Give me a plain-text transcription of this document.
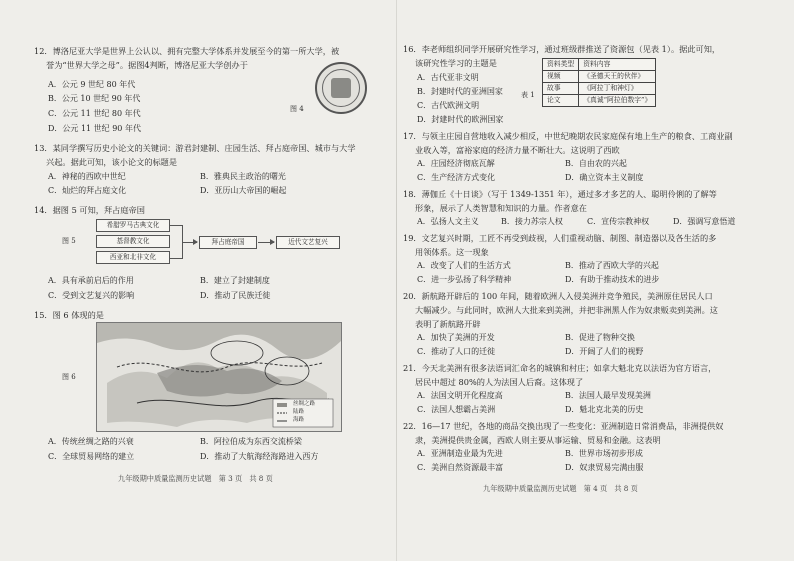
12．博洛尼亚大学是世界上公认以、拥有完整大学体系并发展至今的第一所大学，被
誉为“世界大学之母”。据图4判断，博洛尼亚大学创办于
图 4
A．公元 9 世纪 80 年代
B．公元 10 世纪 90 年代
C．公元 11 世纪 80 年代
D．公元 11 世纪 90 年代
13．某同学撰写历史小论文的关键词：游君封建制、庄园生活、拜占庭帝国、城市与大学
兴起。据此可知，该小论文的标题是
A．神秘的西欧中世纪	B．雅典民主政治的曙光
C．灿烂的拜占庭文化	D．亚历山大帝国的崛起
14．据图 5 可知，拜占庭帝国
图 5
希腊罗马古典文化
基督教文化
西亚和北非文化
拜占庭帝国	近代文艺复兴
A．具有承前启后的作用	B．建立了封建制度
C．受到文艺复兴的影响	D．推动了民族迁徙
15．图 6 体现的是
图 6
丝绸之路
陆路
海路
A．传统丝绸之路的兴衰	B．阿拉伯成为东西交流桥梁
C．全球贸易网络的建立	D．推动了大航海经海路进入西方
九年级期中质量监测历史试题　第 3 页　共 8 页
16．李老师组织同学开展研究性学习，通过班级群推送了资源包（见表 1）。据此可知，
该研究性学习的主题是
表 1
资料类型	资料内容
视频	《圣德天王的伙伴》
故事	《阿拉丁和神灯》
论文	《真诚“阿拉伯数字”》
A．古代亚非文明
B．封建时代的亚洲国家
C．古代欧洲文明
D．封建时代的欧洲国家
17．与领主庄园自营地收入减少相反，中世纪晚期农民家庭保有地上生产的粮食、工商业副
业收入等，富裕家庭的经济力量不断壮大。这说明了西欧
A．庄园经济彻底瓦解	B．自由农的兴起
C．生产经济方式变化	D．确立资本主义制度
18．薄伽丘《十日谈》（写于 1349-1351 年），通过多才多艺的人、聪明伶俐的了解等
形象，展示了人类智慧和知识的力量。作者意在
A．弘扬人文主义	B．接力苏宗人权	C．宣传宗教神权	D．强调写意悟道
19．文艺复兴时期，工匠不再受到歧视，人们重视动脑、制图、制造器以及各生活的多
用领体系。这一现象
A．改变了人们的生活方式	B．推动了西欧大学的兴起
C．进一步弘扬了科学精神	D．有助于推动技术的进步
20．新航路开辟后的 100 年间，随着欧洲人入侵美洲并竞争殖民，美洲原住居民人口
大幅减少。与此同时，欧洲人大批来到美洲，并把非洲黑人作为奴隶贩卖到美洲。这
表明了新航路开辟
A．加快了美洲的开发	B．促进了物种交换
C．推动了人口的迁徙	D．开阔了人们的视野
21．今天北美洲有很多法语词汇命名的城镇和村庄；如拿大魁北克以法语为官方语言，
居民中超过 80%的人为法国人后裔。这体现了
A．法国文明开化程度高	B．法国人最早发现美洲
C．法国人想霸占美洲	D．魁北克北美的历史
22．16—17 世纪，各地的商品交换出现了一些变化：亚洲制造日常消费品，非洲提供奴
隶，美洲提供贵金属，西欧人则主要从事运输、贸易和金融。这表明
A．亚洲制造业最为先进	B．世界市场初步形成
C．美洲自然资源最丰富	D．奴隶贸易完满由服
九年级期中质量监测历史试题　第 4 页　共 8 页
